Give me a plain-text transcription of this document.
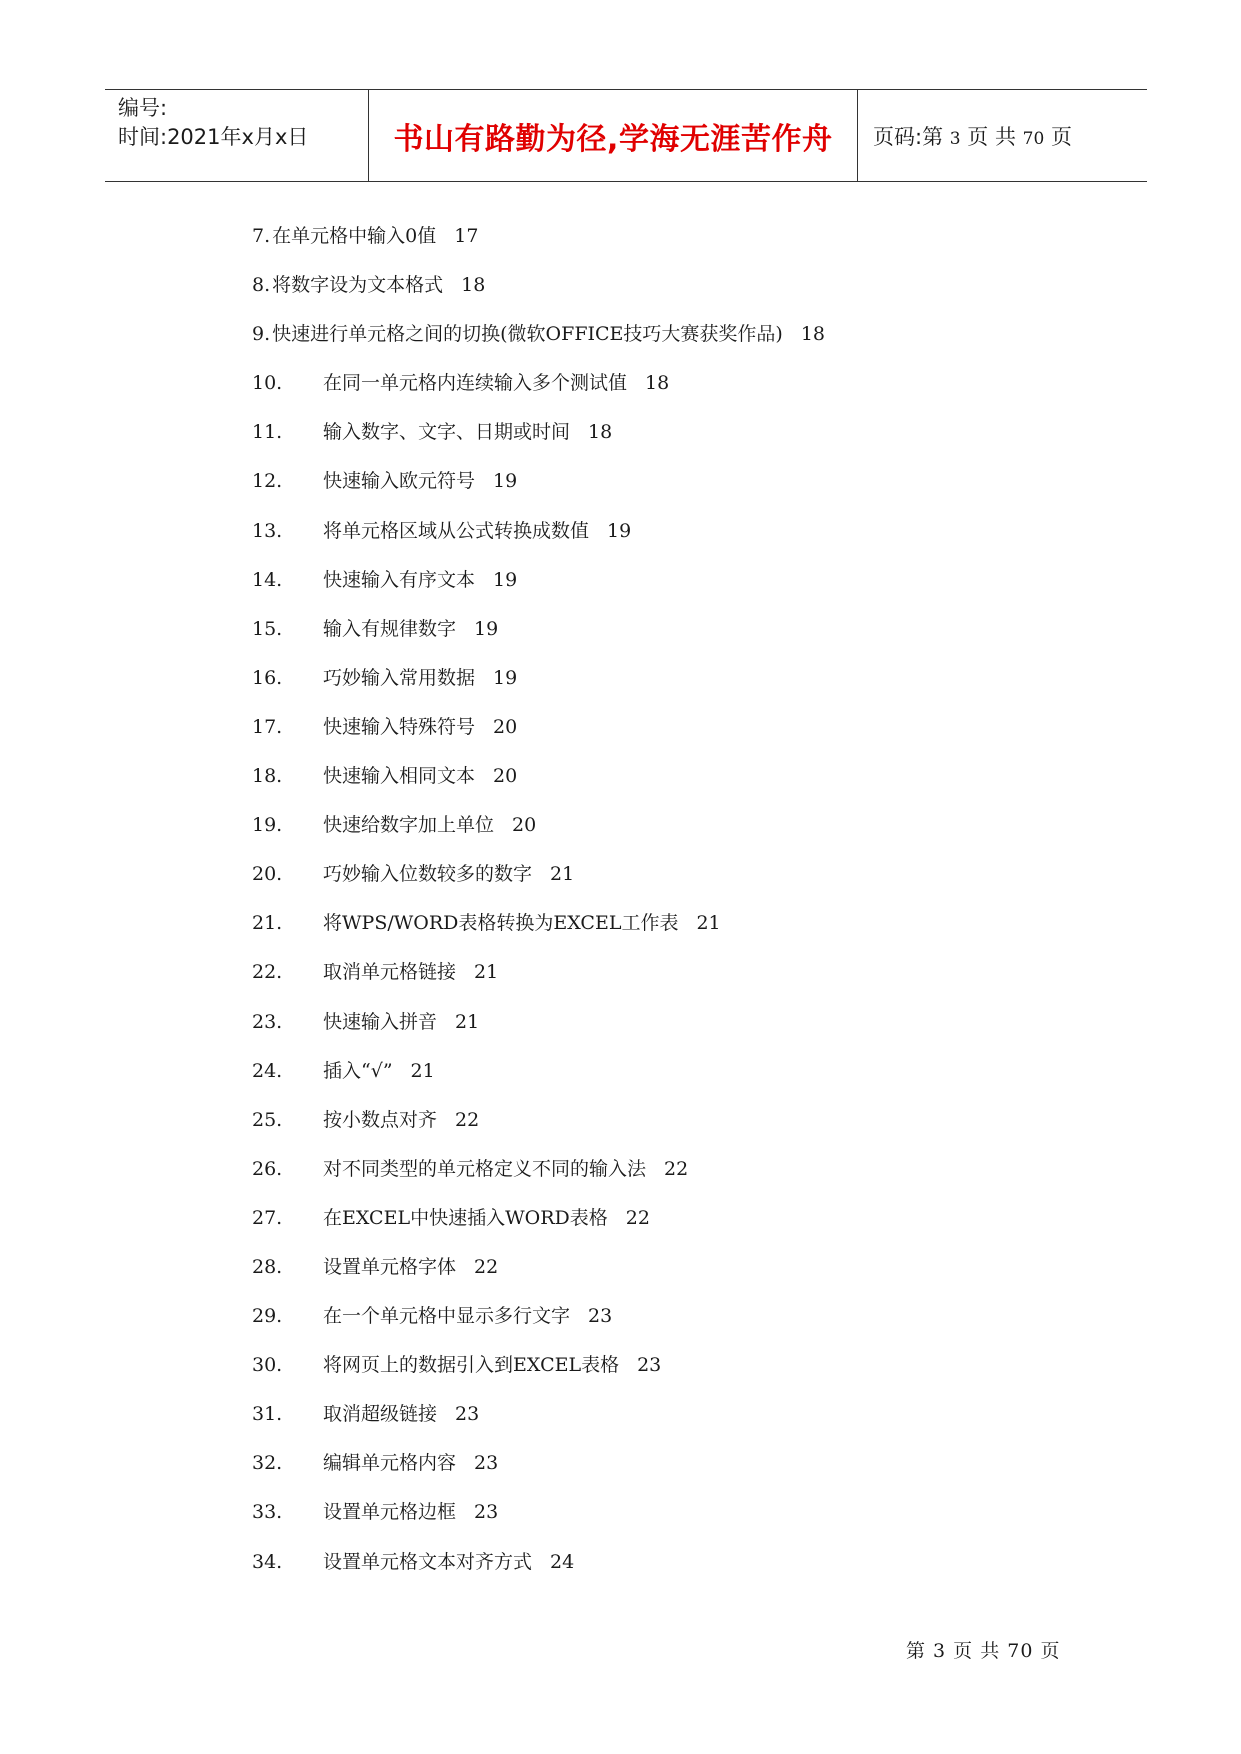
编号:
时间:2021年x月x日	书山有路勤为径,学海无涯苦作舟	页码:第 3 页 共 70 页
7. 在单元格中输入0值 17
8. 将数字设为文本格式 18
9. 快速进行单元格之间的切换(微软OFFICE技巧大赛获奖作品) 18
10. 在同一单元格内连续输入多个测试值 18
11. 输入数字、文字、日期或时间 18
12. 快速输入欧元符号 19
13. 将单元格区域从公式转换成数值 19
14. 快速输入有序文本 19
15. 输入有规律数字 19
16. 巧妙输入常用数据 19
17. 快速输入特殊符号 20
18. 快速输入相同文本 20
19. 快速给数字加上单位 20
20. 巧妙输入位数较多的数字 21
21. 将WPS/WORD表格转换为EXCEL工作表 21
22. 取消单元格链接 21
23. 快速输入拼音 21
24. 插入“√” 21
25. 按小数点对齐 22
26. 对不同类型的单元格定义不同的输入法 22
27. 在EXCEL中快速插入WORD表格 22
28. 设置单元格字体 22
29. 在一个单元格中显示多行文字 23
30. 将网页上的数据引入到EXCEL表格 23
31. 取消超级链接 23
32. 编辑单元格内容 23
33. 设置单元格边框 23
34. 设置单元格文本对齐方式 24
第 3 页 共 70 页
